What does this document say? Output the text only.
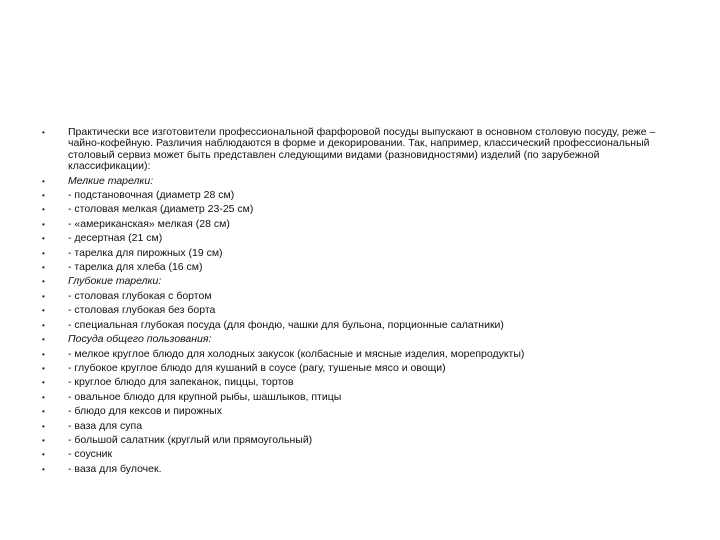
• Практически все изготовители профессиональной фарфоровой посуды выпускают в основном столовую посуду, реже – чайно-кофейную. Различия наблюдаются в форме и декорировании. Так, например, классический профессиональный столовый сервиз может быть представлен следующими видами (разновидностями) изделий (по зарубежной классификации):
• Мелкие тарелки:
• - подстановочная (диаметр 28 см)
• - столовая мелкая (диаметр 23-25 см)
• - «американская» мелкая (28 см)
• - десертная (21 см)
• - тарелка для пирожных (19 см)
• - тарелка для хлеба (16 см)
• Глубокие тарелки:
• - столовая глубокая с бортом
• - столовая глубокая без борта
• - специальная глубокая посуда (для фондю, чашки для бульона, порционные салатники)
• Посуда общего пользования:
• - мелкое круглое блюдо для холодных закусок (колбасные и мясные изделия, морепродукты)
• - глубокое круглое блюдо для кушаний в соусе (рагу, тушеные мясо и овощи)
• - круглое блюдо для запеканок, пиццы, тортов
• - овальное блюдо для крупной рыбы, шашлыков, птицы
• - блюдо для кексов и пирожных
• - ваза для супа
• - большой салатник (круглый или прямоугольный)
• - соусник
• - ваза для булочек.
